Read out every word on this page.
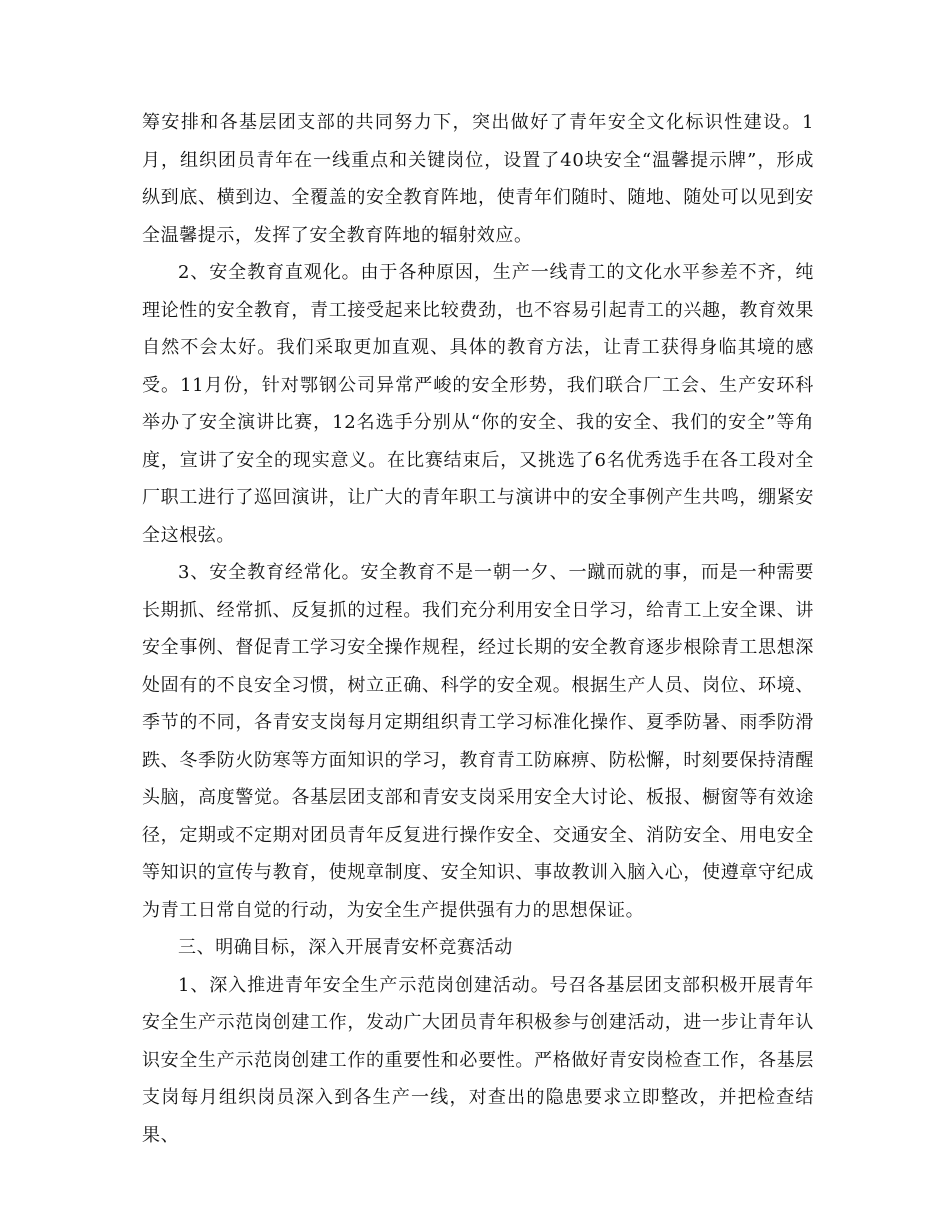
筹安排和各基层团支部的共同努力下，突出做好了青年安全文化标识性建设。1月，组织团员青年在一线重点和关键岗位，设置了40块安全“温馨提示牌”，形成纵到底、横到边、全覆盖的安全教育阵地，使青年们随时、随地、随处可以见到安全温馨提示，发挥了安全教育阵地的辐射效应。

2、安全教育直观化。由于各种原因，生产一线青工的文化水平参差不齐，纯理论性的安全教育，青工接受起来比较费劲，也不容易引起青工的兴趣，教育效果自然不会太好。我们采取更加直观、具体的教育方法，让青工获得身临其境的感受。11月份，针对鄂钢公司异常严峻的安全形势，我们联合厂工会、生产安环科举办了安全演讲比赛，12名选手分别从“你的安全、我的安全、我们的安全”等角度，宣讲了安全的现实意义。在比赛结束后，又挑选了6名优秀选手在各工段对全厂职工进行了巡回演讲，让广大的青年职工与演讲中的安全事例产生共鸣，绷紧安全这根弦。

3、安全教育经常化。安全教育不是一朝一夕、一蹴而就的事，而是一种需要长期抓、经常抓、反复抓的过程。我们充分利用安全日学习，给青工上安全课、讲安全事例、督促青工学习安全操作规程，经过长期的安全教育逐步根除青工思想深处固有的不良安全习惯，树立正确、科学的安全观。根据生产人员、岗位、环境、季节的不同，各青安支岗每月定期组织青工学习标准化操作、夏季防暑、雨季防滑跌、冬季防火防寒等方面知识的学习，教育青工防麻痹、防松懈，时刻要保持清醒头脑，高度警觉。各基层团支部和青安支岗采用安全大讨论、板报、橱窗等有效途径，定期或不定期对团员青年反复进行操作安全、交通安全、消防安全、用电安全等知识的宣传与教育，使规章制度、安全知识、事故教训入脑入心，使遵章守纪成为青工日常自觉的行动，为安全生产提供强有力的思想保证。

三、明确目标，深入开展青安杯竞赛活动

1、深入推进青年安全生产示范岗创建活动。号召各基层团支部积极开展青年安全生产示范岗创建工作，发动广大团员青年积极参与创建活动，进一步让青年认识安全生产示范岗创建工作的重要性和必要性。严格做好青安岗检查工作，各基层支岗每月组织岗员深入到各生产一线，对查出的隐患要求立即整改，并把检查结果、
